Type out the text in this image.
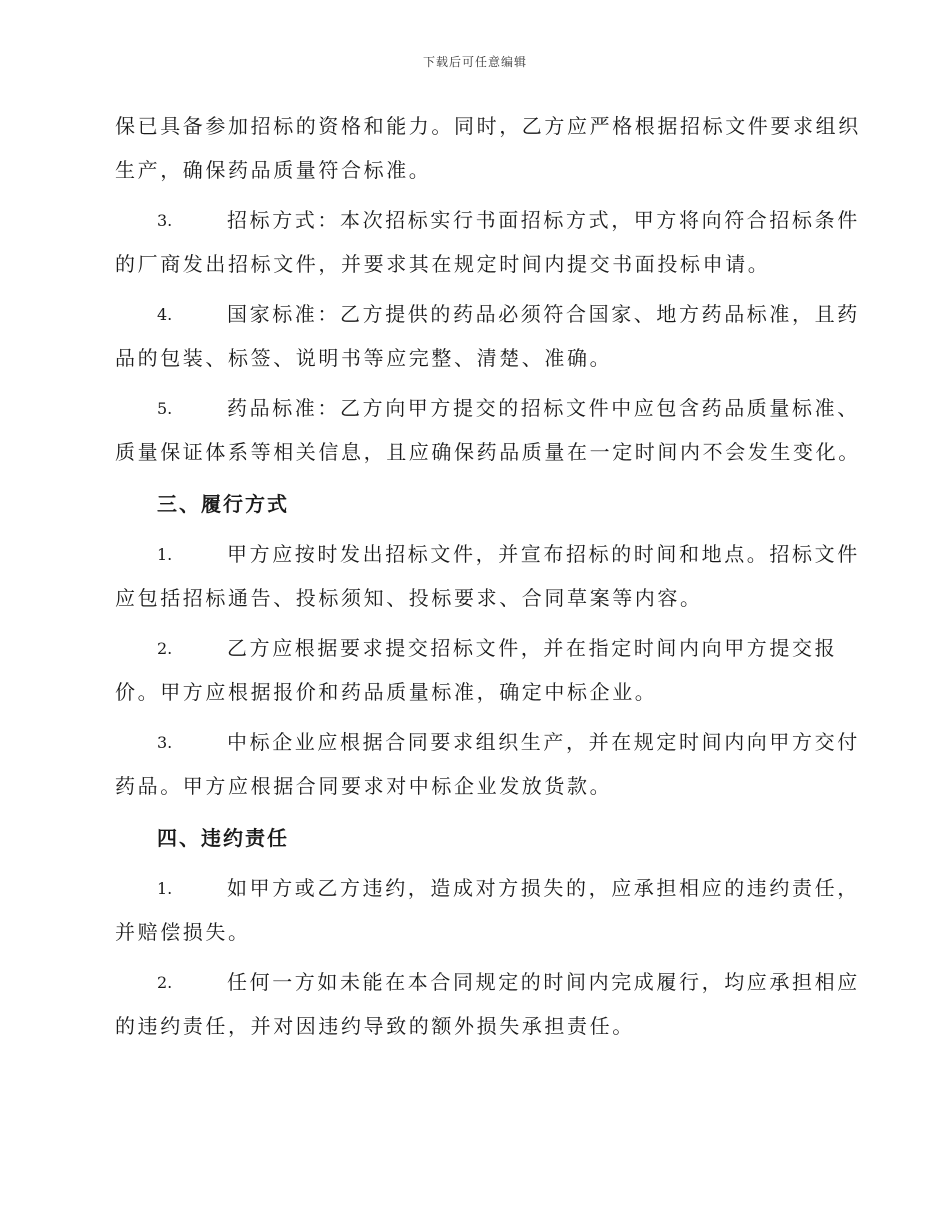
下载后可任意编辑
保已具备参加招标的资格和能力。同时，乙方应严格根据招标文件要求组织
生产，确保药品质量符合标准。
3.	招标方式：本次招标实行书面招标方式，甲方将向符合招标条件
的厂商发出招标文件，并要求其在规定时间内提交书面投标申请。
4.	国家标准：乙方提供的药品必须符合国家、地方药品标准，且药
品的包装、标签、说明书等应完整、清楚、准确。
5.	药品标准：乙方向甲方提交的招标文件中应包含药品质量标准、
质量保证体系等相关信息，且应确保药品质量在一定时间内不会发生变化。
三、履行方式
1.	甲方应按时发出招标文件，并宣布招标的时间和地点。招标文件
应包括招标通告、投标须知、投标要求、合同草案等内容。
2.	乙方应根据要求提交招标文件，并在指定时间内向甲方提交报
价。甲方应根据报价和药品质量标准，确定中标企业。
3.	中标企业应根据合同要求组织生产，并在规定时间内向甲方交付
药品。甲方应根据合同要求对中标企业发放货款。
四、违约责任
1.	如甲方或乙方违约，造成对方损失的，应承担相应的违约责任，
并赔偿损失。
2.	任何一方如未能在本合同规定的时间内完成履行，均应承担相应
的违约责任，并对因违约导致的额外损失承担责任。
